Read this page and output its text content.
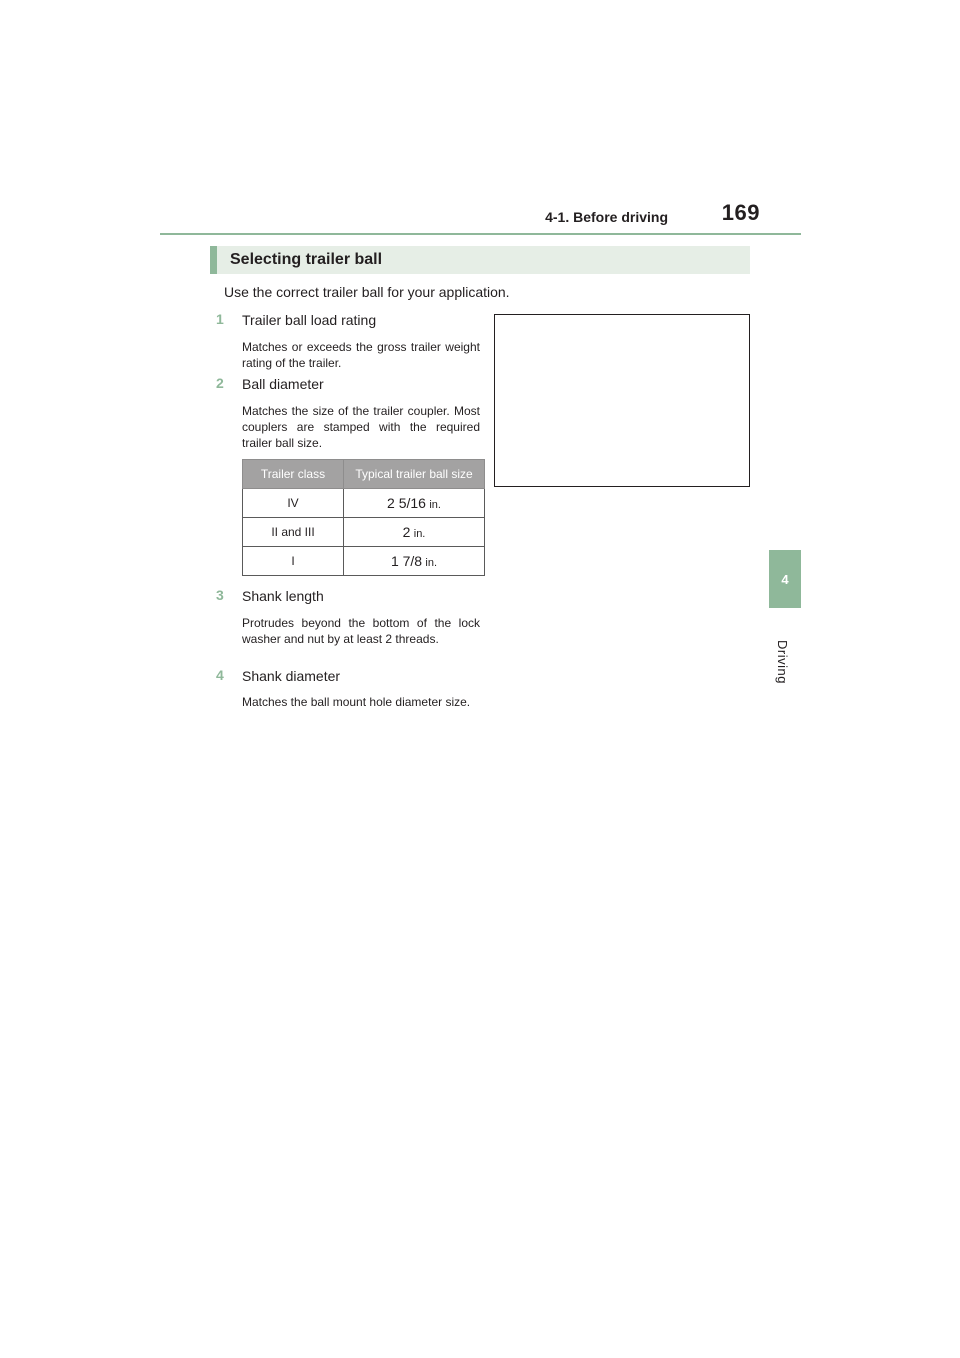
4-1. Before driving	169
4
Driving
Selecting trailer ball
Use the correct trailer ball for your application.
1 Trailer ball load rating
Matches or exceeds the gross trailer weight rating of the trailer.
2 Ball diameter
Matches the size of the trailer coupler. Most couplers are stamped with the required trailer ball size.
Trailer class	Typical trailer ball size
IV	2 5/16 in.
II and III	2 in.
I	1 7/8 in.
3 Shank length
Protrudes beyond the bottom of the lock washer and nut by at least 2 threads.
4 Shank diameter
Matches the ball mount hole diameter size.
